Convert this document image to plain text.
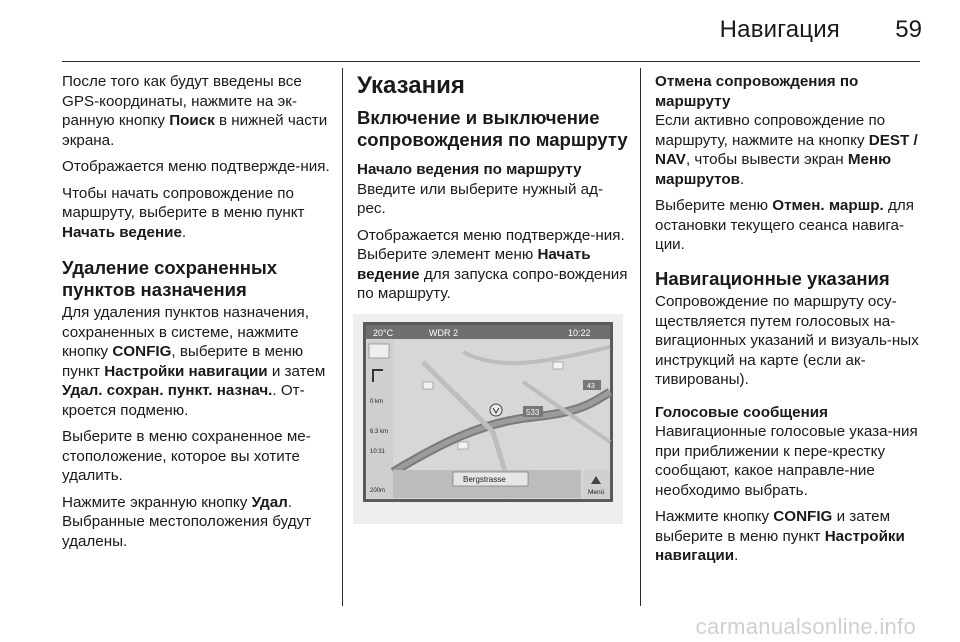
Навигация 59

После того как будут введены все GPS-координаты, нажмите на эк-ранную кнопку Поиск в нижней части экрана.

Отображается меню подтвержде-ния.

Чтобы начать сопровождение по маршруту, выберите в меню пункт Начать ведение.

Удаление сохраненных пунктов назначения

Для удаления пунктов назначения, сохраненных в системе, нажмите кнопку CONFIG, выберите в меню пункт Настройки навигации и затем Удал. сохран. пункт. назнач.. От-кроется подменю.

Выберите в меню сохраненное ме-стоположение, которое вы хотите удалить.

Нажмите экранную кнопку Удал. Выбранные местоположения будут удалены.

Указания
Включение и выключение сопровождения по маршруту
Начало ведения по маршруту

Введите или выберите нужный ад-рес.

Отображается меню подтвержде-ния. Выберите элемент меню Начать ведение для запуска сопро-вождения по маршруту.

20°C	WDR 2	10:22
0 km
6.3 km
10:31
200m
533
43
Bergstrasse
Menü
Отмена сопровождения по маршруту

Если активно сопровождение по маршруту, нажмите на кнопку DEST / NAV, чтобы вывести экран Меню маршрутов.

Выберите меню Отмен. маршр. для остановки текущего сеанса навига-ции.

Навигационные указания

Сопровождение по маршруту осу-ществляется путем голосовых на-вигационных указаний и визуаль-ных инструкций на карте (если ак-тивированы).

Голосовые сообщения

Навигационные голосовые указа-ния при приближении к пере-крестку сообщают, какое направле-ние необходимо выбрать.

Нажмите кнопку CONFIG и затем выберите в меню пункт Настройки навигации.

carmanualsonline.info
